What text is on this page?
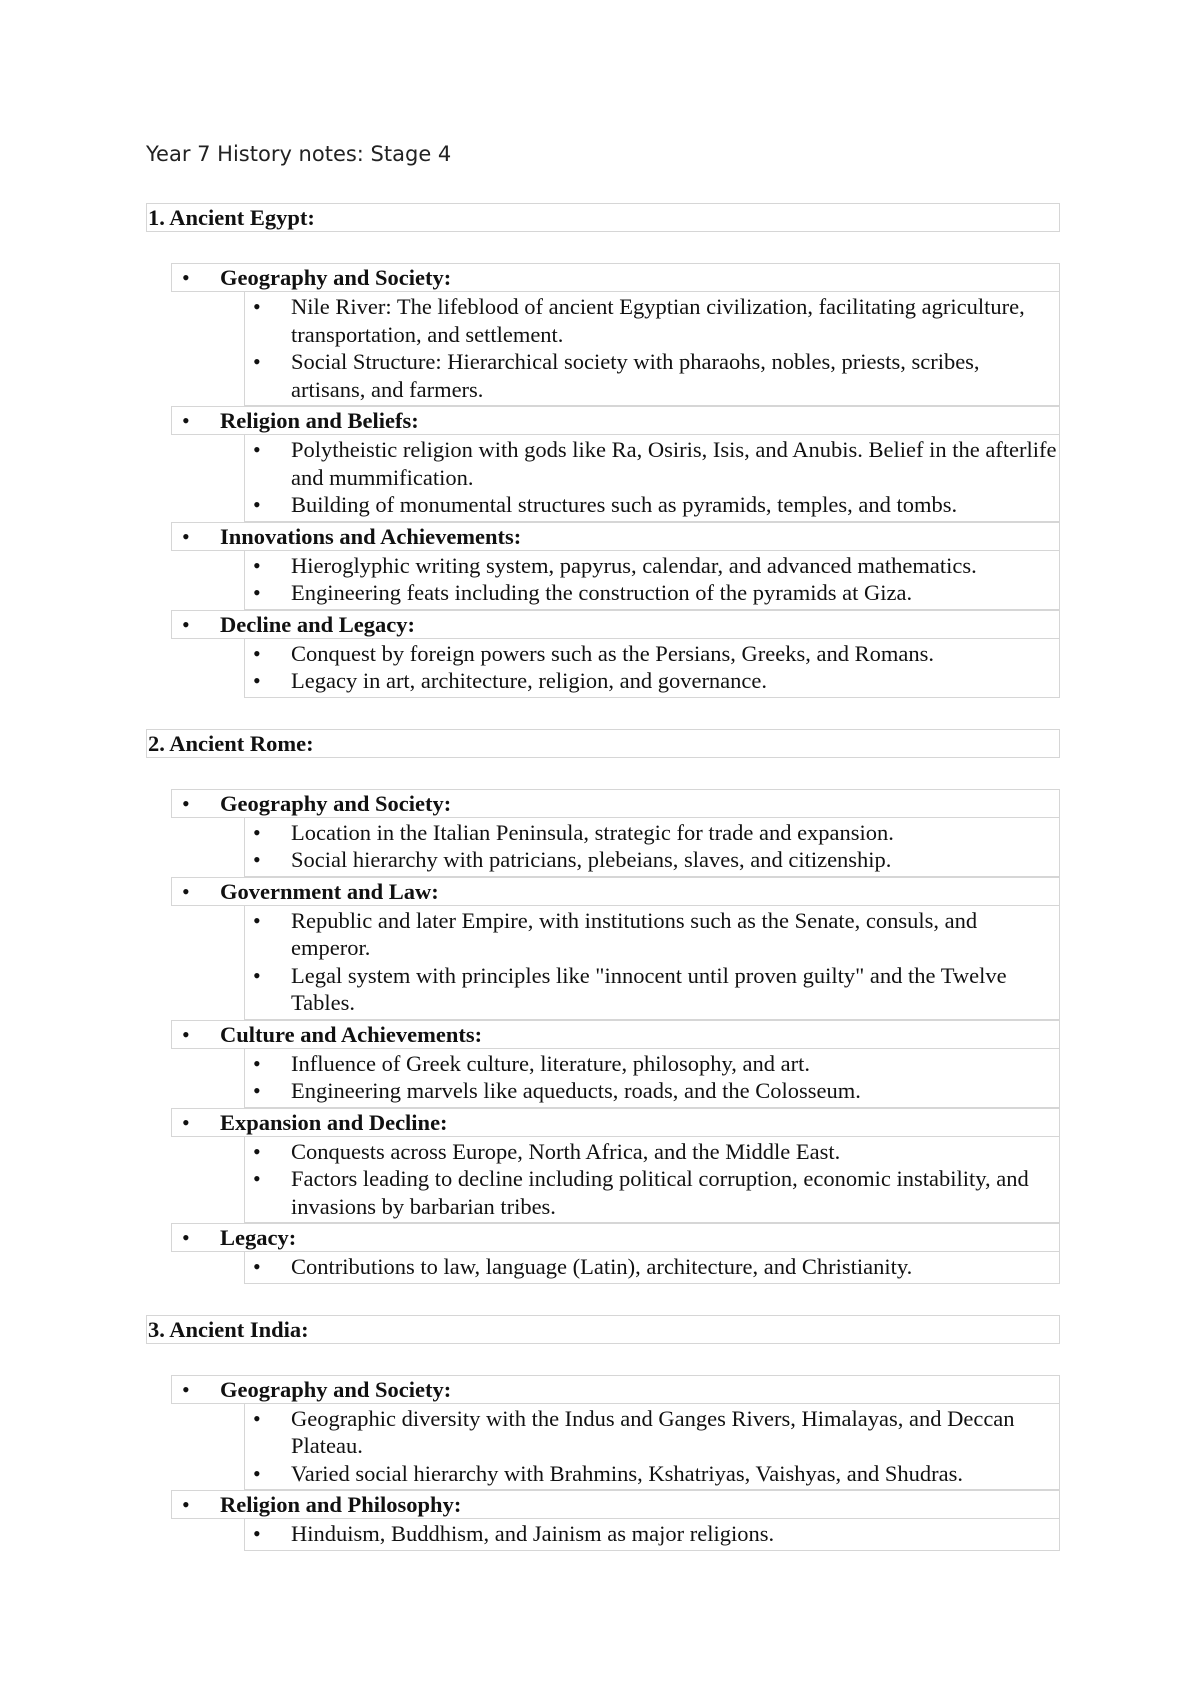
Year 7 History notes: Stage 4
1. Ancient Egypt:
• Geography and Society:
• Nile River: The lifeblood of ancient Egyptian civilization, facilitating agriculture, transportation, and settlement.
• Social Structure: Hierarchical society with pharaohs, nobles, priests, scribes, artisans, and farmers.
• Religion and Beliefs:
• Polytheistic religion with gods like Ra, Osiris, Isis, and Anubis. Belief in the afterlife and mummification.
• Building of monumental structures such as pyramids, temples, and tombs.
• Innovations and Achievements:
• Hieroglyphic writing system, papyrus, calendar, and advanced mathematics.
• Engineering feats including the construction of the pyramids at Giza.
• Decline and Legacy:
• Conquest by foreign powers such as the Persians, Greeks, and Romans.
• Legacy in art, architecture, religion, and governance.
2. Ancient Rome:
• Geography and Society:
• Location in the Italian Peninsula, strategic for trade and expansion.
• Social hierarchy with patricians, plebeians, slaves, and citizenship.
• Government and Law:
• Republic and later Empire, with institutions such as the Senate, consuls, and emperor.
• Legal system with principles like "innocent until proven guilty" and the Twelve Tables.
• Culture and Achievements:
• Influence of Greek culture, literature, philosophy, and art.
• Engineering marvels like aqueducts, roads, and the Colosseum.
• Expansion and Decline:
• Conquests across Europe, North Africa, and the Middle East.
• Factors leading to decline including political corruption, economic instability, and invasions by barbarian tribes.
• Legacy:
• Contributions to law, language (Latin), architecture, and Christianity.
3. Ancient India:
• Geography and Society:
• Geographic diversity with the Indus and Ganges Rivers, Himalayas, and Deccan Plateau.
• Varied social hierarchy with Brahmins, Kshatriyas, Vaishyas, and Shudras.
• Religion and Philosophy:
• Hinduism, Buddhism, and Jainism as major religions.
